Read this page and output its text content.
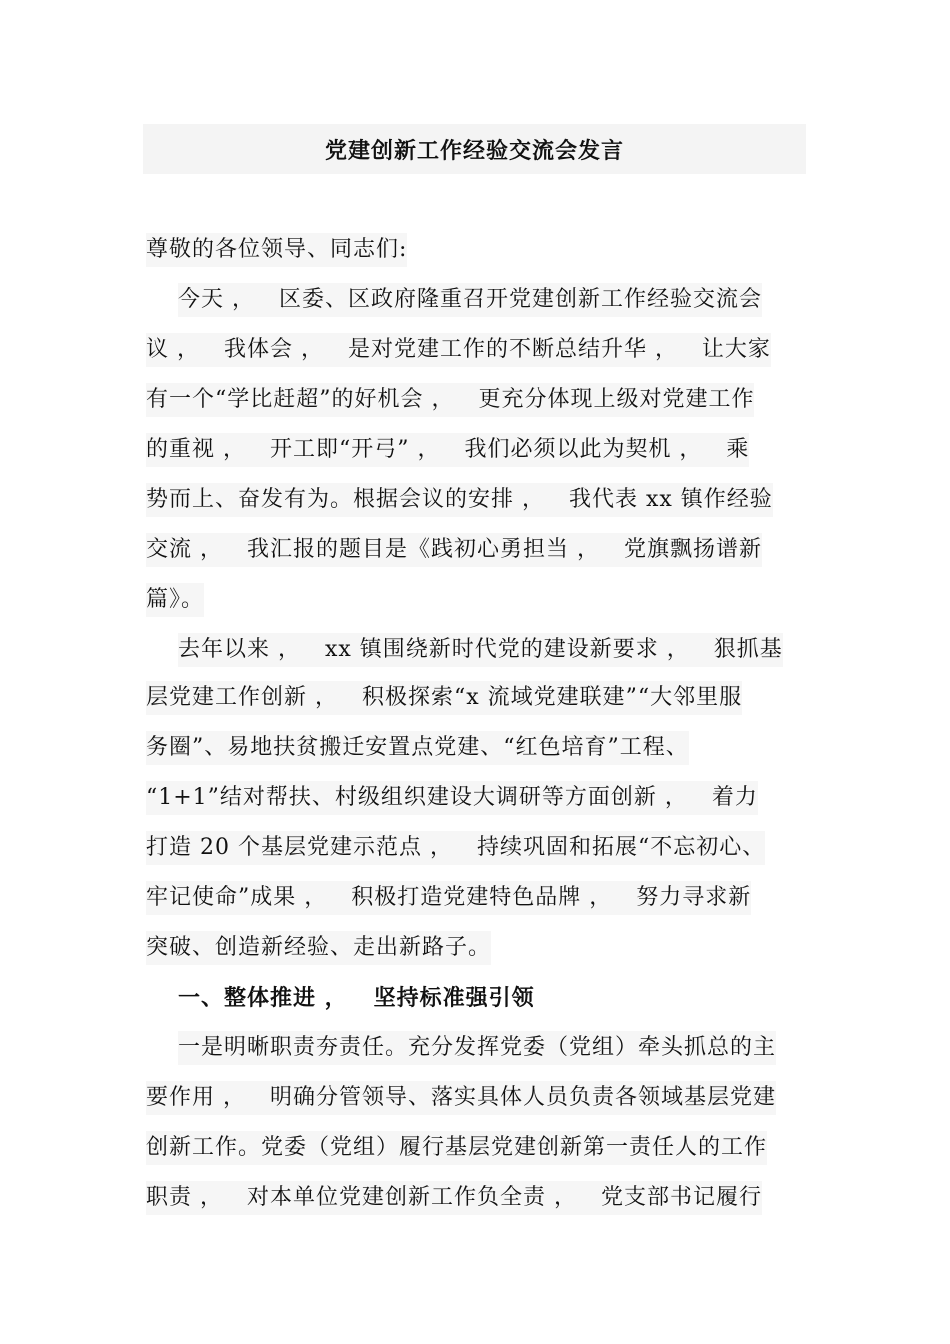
党建创新工作经验交流会发言
尊敬的各位领导、同志们:
今天 ，   区委、区政府隆重召开党建创新工作经验交流会
议 ，   我体会 ，   是对党建工作的不断总结升华 ，   让大家
有一个“学比赶超”的好机会 ，   更充分体现上级对党建工作
的重视 ，   开工即“开弓” ，   我们必须以此为契机 ，   乘
势而上、奋发有为。根据会议的安排 ，   我代表 xx 镇作经验
交流 ，   我汇报的题目是《践初心勇担当 ，   党旗飘扬谱新
篇》。
去年以来 ，   xx 镇围绕新时代党的建设新要求 ，   狠抓基
层党建工作创新 ，   积极探索“x 流域党建联建”“大邻里服
务圈”、易地扶贫搬迁安置点党建、“红色培育”工程、
“1+1”结对帮扶、村级组织建设大调研等方面创新 ，   着力
打造 20 个基层党建示范点 ，   持续巩固和拓展“不忘初心、
牢记使命”成果 ，   积极打造党建特色品牌 ，   努力寻求新
突破、创造新经验、走出新路子。
一、整体推进 ，   坚持标准强引领
一是明晰职责夯责任。充分发挥党委（党组）牵头抓总的主
要作用 ，   明确分管领导、落实具体人员负责各领域基层党建
创新工作。党委（党组）履行基层党建创新第一责任人的工作
职责 ，   对本单位党建创新工作负全责 ，   党支部书记履行
